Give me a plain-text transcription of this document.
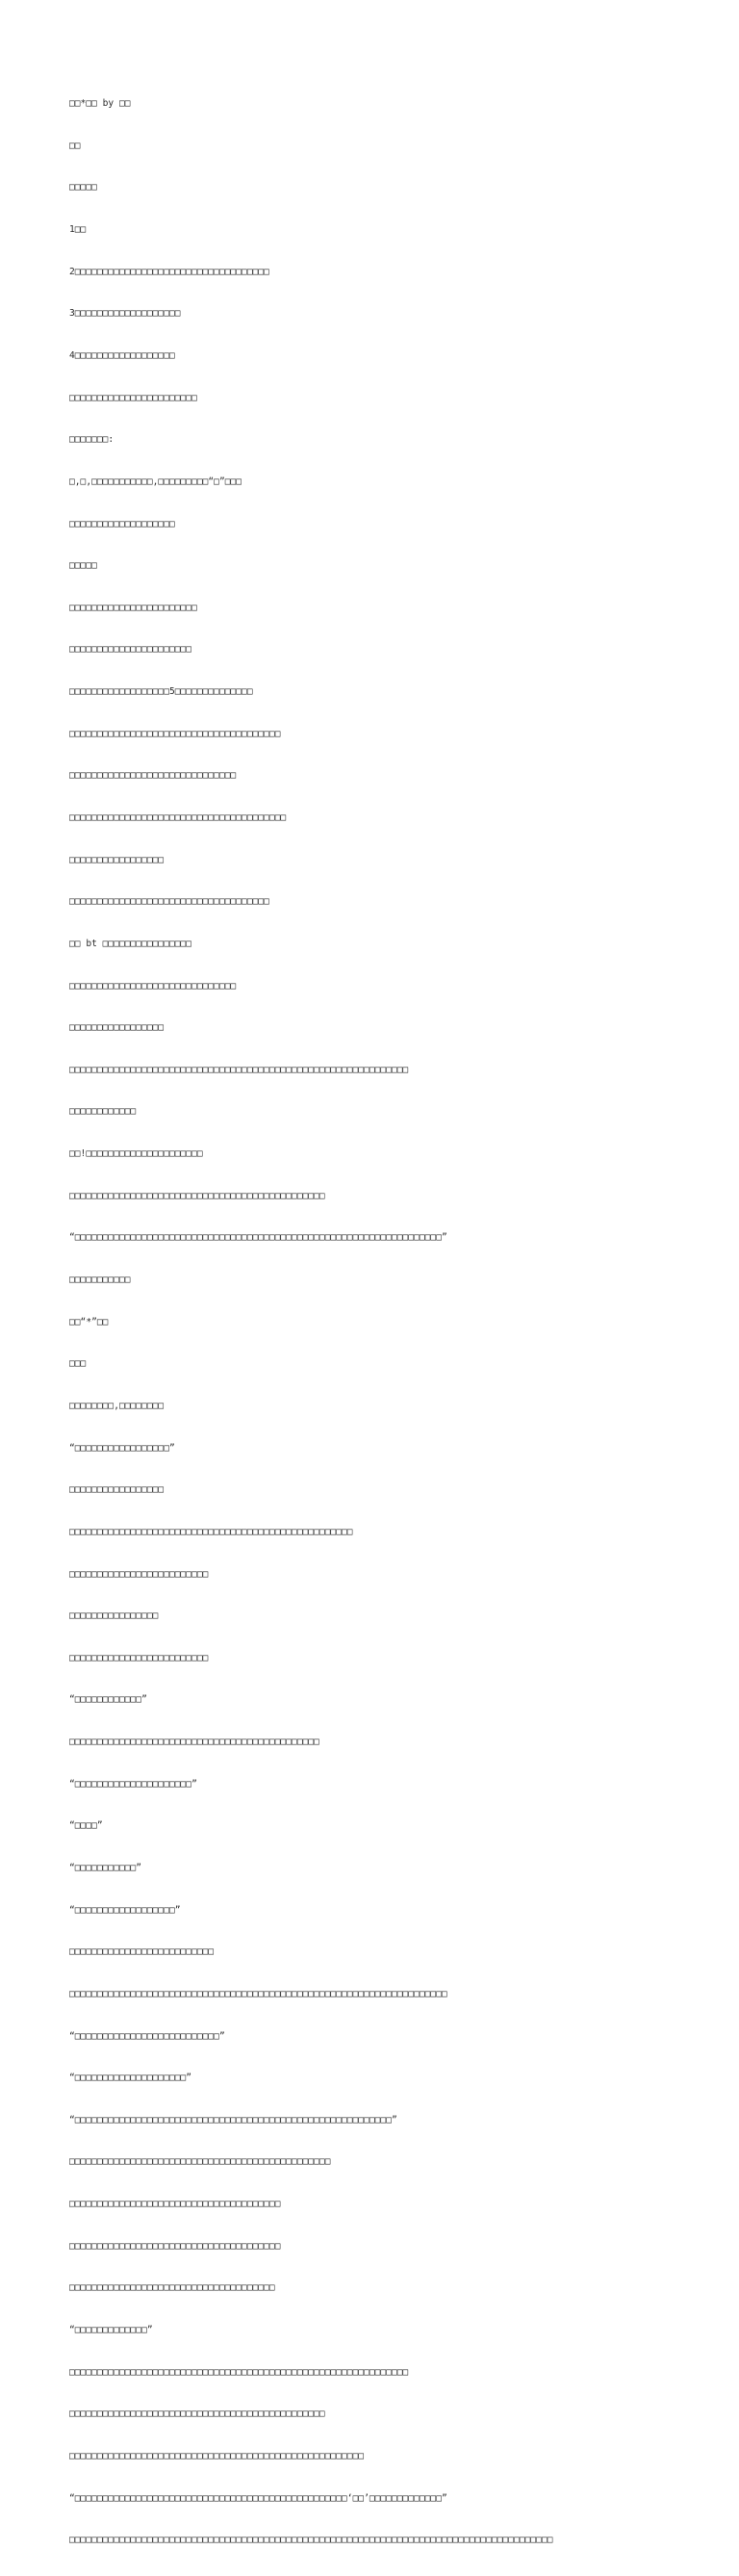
□□*□□ by □□

□□

□□□□□

1□□

2□□□□□□□□□□□□□□□□□□□□□□□□□□□□□□□□□□□

3□□□□□□□□□□□□□□□□□□□

4□□□□□□□□□□□□□□□□□□

□□□□□□□□□□□□□□□□□□□□□□□

□□□□□□□:

□,□,□□□□□□□□□□□,□□□□□□□□□“□”□□□

□□□□□□□□□□□□□□□□□□□

□□□□□

□□□□□□□□□□□□□□□□□□□□□□□

□□□□□□□□□□□□□□□□□□□□□□

□□□□□□□□□□□□□□□□□□5□□□□□□□□□□□□□□

□□□□□□□□□□□□□□□□□□□□□□□□□□□□□□□□□□□□□□

□□□□□□□□□□□□□□□□□□□□□□□□□□□□□□

□□□□□□□□□□□□□□□□□□□□□□□□□□□□□□□□□□□□□□□

□□□□□□□□□□□□□□□□□

□□□□□□□□□□□□□□□□□□□□□□□□□□□□□□□□□□□□

□□ bt □□□□□□□□□□□□□□□□

□□□□□□□□□□□□□□□□□□□□□□□□□□□□□□

□□□□□□□□□□□□□□□□□

□□□□□□□□□□□□□□□□□□□□□□□□□□□□□□□□□□□□□□□□□□□□□□□□□□□□□□□□□□□□□

□□□□□□□□□□□□

□□!□□□□□□□□□□□□□□□□□□□□□

□□□□□□□□□□□□□□□□□□□□□□□□□□□□□□□□□□□□□□□□□□□□□□

“□□□□□□□□□□□□□□□□□□□□□□□□□□□□□□□□□□□□□□□□□□□□□□□□□□□□□□□□□□□□□□□□□□”

□□□□□□□□□□□

□□“*”□□

□□□

□□□□□□□□,□□□□□□□□

“□□□□□□□□□□□□□□□□□”

□□□□□□□□□□□□□□□□□

□□□□□□□□□□□□□□□□□□□□□□□□□□□□□□□□□□□□□□□□□□□□□□□□□□□

□□□□□□□□□□□□□□□□□□□□□□□□□

□□□□□□□□□□□□□□□□

□□□□□□□□□□□□□□□□□□□□□□□□□

“□□□□□□□□□□□□”

□□□□□□□□□□□□□□□□□□□□□□□□□□□□□□□□□□□□□□□□□□□□□

“□□□□□□□□□□□□□□□□□□□□□”

“□□□□”

“□□□□□□□□□□□”

“□□□□□□□□□□□□□□□□□□”

□□□□□□□□□□□□□□□□□□□□□□□□□□

□□□□□□□□□□□□□□□□□□□□□□□□□□□□□□□□□□□□□□□□□□□□□□□□□□□□□□□□□□□□□□□□□□□□

“□□□□□□□□□□□□□□□□□□□□□□□□□□”

“□□□□□□□□□□□□□□□□□□□□”

“□□□□□□□□□□□□□□□□□□□□□□□□□□□□□□□□□□□□□□□□□□□□□□□□□□□□□□□□□”

□□□□□□□□□□□□□□□□□□□□□□□□□□□□□□□□□□□□□□□□□□□□□□□

□□□□□□□□□□□□□□□□□□□□□□□□□□□□□□□□□□□□□□

□□□□□□□□□□□□□□□□□□□□□□□□□□□□□□□□□□□□□□

□□□□□□□□□□□□□□□□□□□□□□□□□□□□□□□□□□□□□

“□□□□□□□□□□□□□”

□□□□□□□□□□□□□□□□□□□□□□□□□□□□□□□□□□□□□□□□□□□□□□□□□□□□□□□□□□□□□

□□□□□□□□□□□□□□□□□□□□□□□□□□□□□□□□□□□□□□□□□□□□□□

□□□□□□□□□□□□□□□□□□□□□□□□□□□□□□□□□□□□□□□□□□□□□□□□□□□□□

“□□□□□□□□□□□□□□□□□□□□□□□□□□□□□□□□□□□□□□□□□□□□□□□□□‘□□’□□□□□□□□□□□□□”

□□□□□□□□□□□□□□□□□□□□□□□□□□□□□□□□□□□□□□□□□□□□□□□□□□□□□□□□□□□□□□□□□□□□□□□□□□□□□□□□□□□□□□□
